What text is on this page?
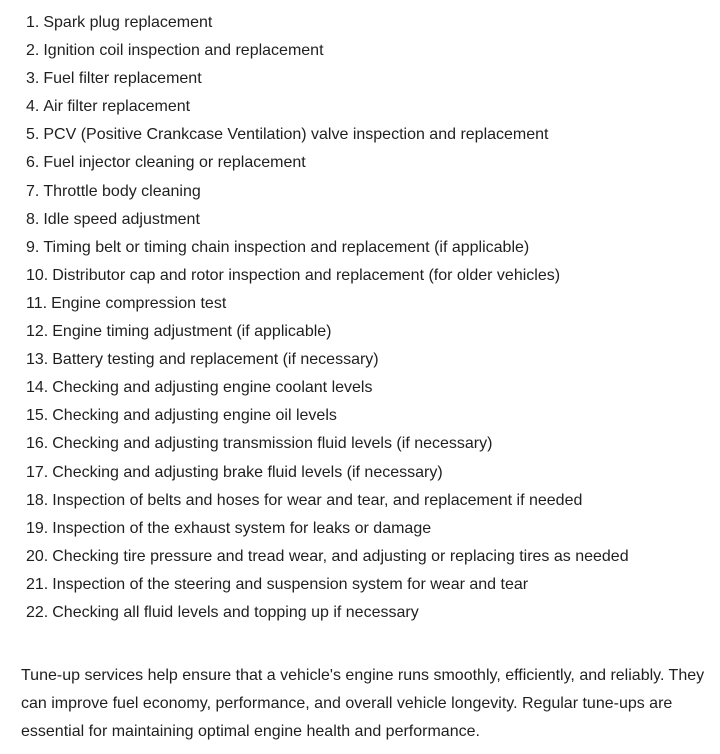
1. Spark plug replacement
2. Ignition coil inspection and replacement
3. Fuel filter replacement
4. Air filter replacement
5. PCV (Positive Crankcase Ventilation) valve inspection and replacement
6. Fuel injector cleaning or replacement
7. Throttle body cleaning
8. Idle speed adjustment
9. Timing belt or timing chain inspection and replacement (if applicable)
10. Distributor cap and rotor inspection and replacement (for older vehicles)
11. Engine compression test
12. Engine timing adjustment (if applicable)
13. Battery testing and replacement (if necessary)
14. Checking and adjusting engine coolant levels
15. Checking and adjusting engine oil levels
16. Checking and adjusting transmission fluid levels (if necessary)
17. Checking and adjusting brake fluid levels (if necessary)
18. Inspection of belts and hoses for wear and tear, and replacement if needed
19. Inspection of the exhaust system for leaks or damage
20. Checking tire pressure and tread wear, and adjusting or replacing tires as needed
21. Inspection of the steering and suspension system for wear and tear
22. Checking all fluid levels and topping up if necessary

Tune-up services help ensure that a vehicle's engine runs smoothly, efficiently, and reliably. They can improve fuel economy, performance, and overall vehicle longevity. Regular tune-ups are essential for maintaining optimal engine health and performance.
